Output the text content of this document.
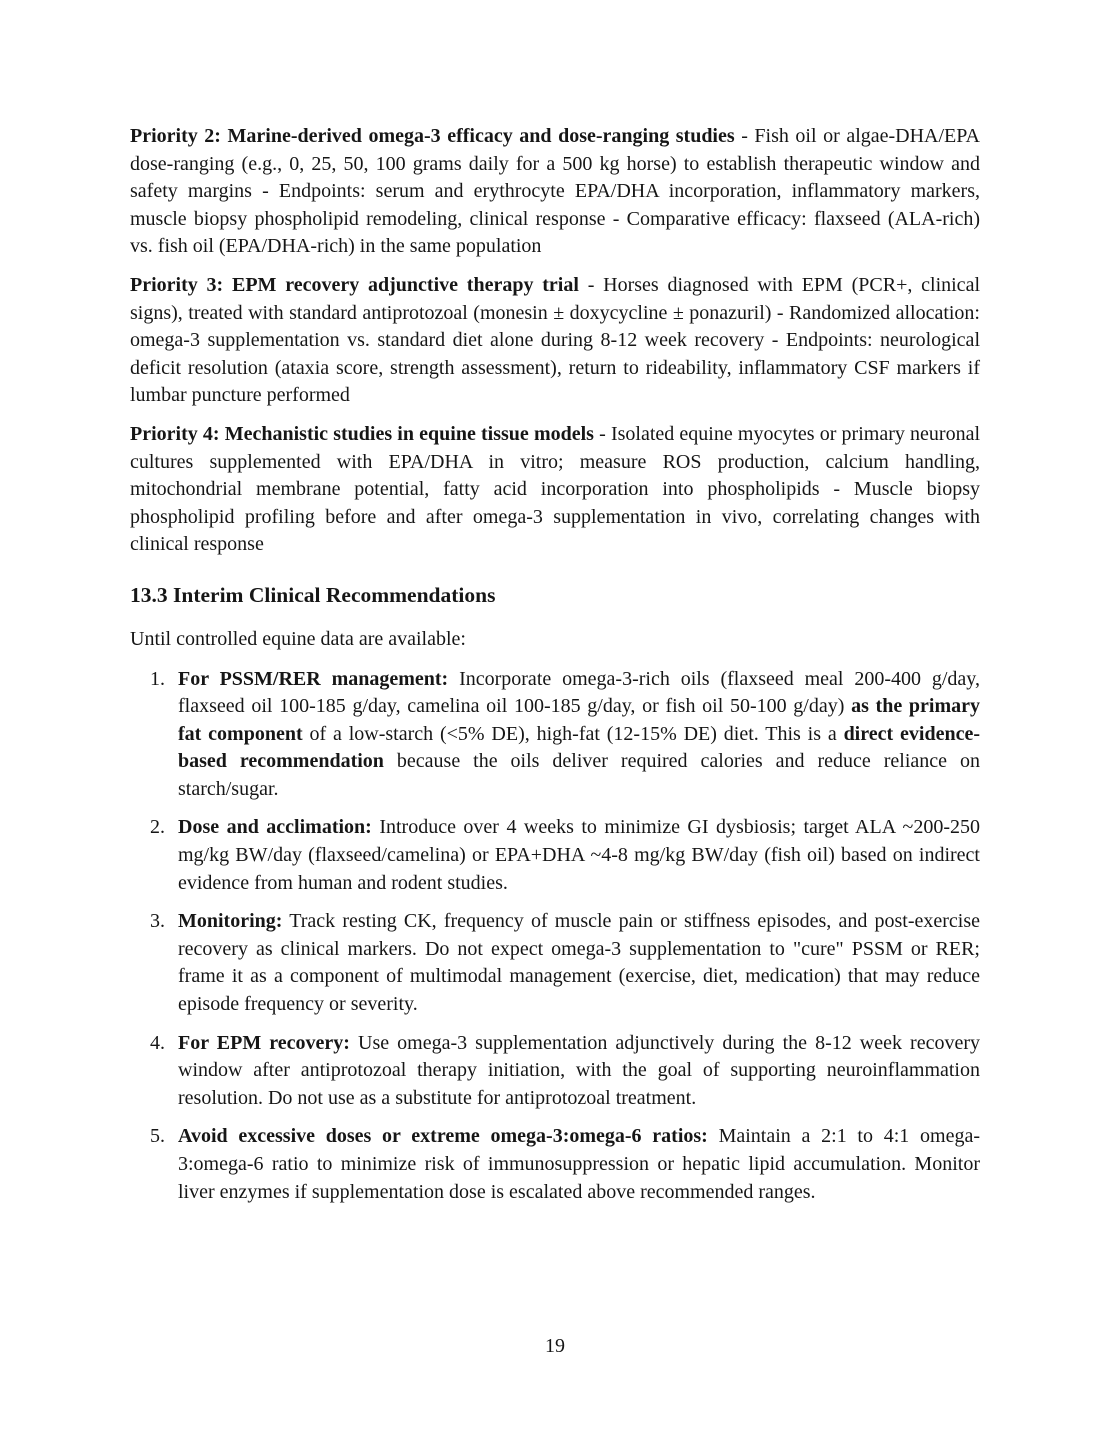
Priority 2: Marine-derived omega-3 efficacy and dose-ranging studies - Fish oil or algae-DHA/EPA dose-ranging (e.g., 0, 25, 50, 100 grams daily for a 500 kg horse) to establish therapeutic window and safety margins - Endpoints: serum and erythrocyte EPA/DHA incorporation, inflammatory markers, muscle biopsy phospholipid remodeling, clinical response - Comparative efficacy: flaxseed (ALA-rich) vs. fish oil (EPA/DHA-rich) in the same population

Priority 3: EPM recovery adjunctive therapy trial - Horses diagnosed with EPM (PCR+, clinical signs), treated with standard antiprotozoal (monesin ± doxycycline ± ponazuril) - Randomized allocation: omega-3 supplementation vs. standard diet alone during 8-12 week recovery - Endpoints: neurological deficit resolution (ataxia score, strength assessment), return to rideability, inflammatory CSF markers if lumbar puncture performed

Priority 4: Mechanistic studies in equine tissue models - Isolated equine myocytes or primary neuronal cultures supplemented with EPA/DHA in vitro; measure ROS production, calcium handling, mitochondrial membrane potential, fatty acid incorporation into phospholipids - Muscle biopsy phospholipid profiling before and after omega-3 supplementation in vivo, correlating changes with clinical response

13.3 Interim Clinical Recommendations

Until controlled equine data are available:

1. For PSSM/RER management: Incorporate omega-3-rich oils (flaxseed meal 200-400 g/day, flaxseed oil 100-185 g/day, camelina oil 100-185 g/day, or fish oil 50-100 g/day) as the primary fat component of a low-starch (<5% DE), high-fat (12-15% DE) diet. This is a direct evidence-based recommendation because the oils deliver required calories and reduce reliance on starch/sugar.
2. Dose and acclimation: Introduce over 4 weeks to minimize GI dysbiosis; target ALA ~200-250 mg/kg BW/day (flaxseed/camelina) or EPA+DHA ~4-8 mg/kg BW/day (fish oil) based on indirect evidence from human and rodent studies.
3. Monitoring: Track resting CK, frequency of muscle pain or stiffness episodes, and post-exercise recovery as clinical markers. Do not expect omega-3 supplementation to "cure" PSSM or RER; frame it as a component of multimodal management (exercise, diet, medication) that may reduce episode frequency or severity.
4. For EPM recovery: Use omega-3 supplementation adjunctively during the 8-12 week recovery window after antiprotozoal therapy initiation, with the goal of supporting neuroinflammation resolution. Do not use as a substitute for antiprotozoal treatment.
5. Avoid excessive doses or extreme omega-3:omega-6 ratios: Maintain a 2:1 to 4:1 omega-3:omega-6 ratio to minimize risk of immunosuppression or hepatic lipid accumulation. Monitor liver enzymes if supplementation dose is escalated above recommended ranges.
19
